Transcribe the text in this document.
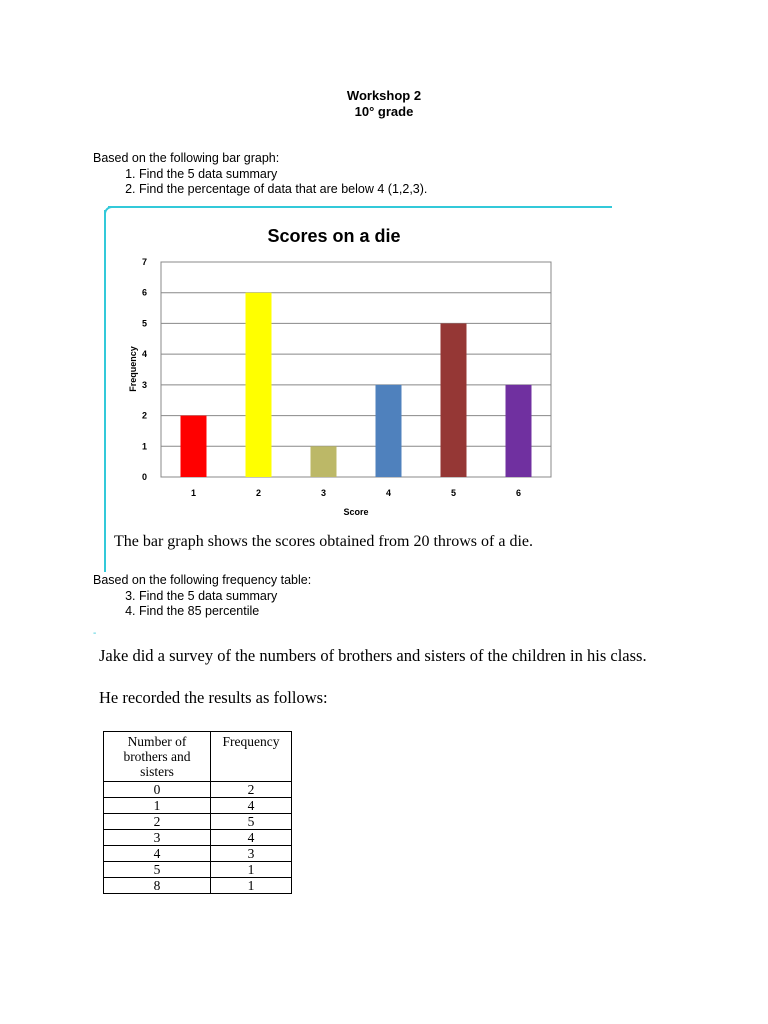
Workshop 2
10° grade
Based on the following bar graph:
1. Find the 5 data summary
2. Find the percentage of data that are below 4 (1,2,3).
Scores on a die
0
1
2
3
4
5
6
7
1	2	3	4	5	6
Frequency
Score
The bar graph shows the scores obtained from 20 throws of a die.
Based on the following frequency table:
3. Find the 5 data summary
4. Find the 85 percentile
-
Jake did a survey of the numbers of brothers and sisters of the children in his class.
He recorded the results as follows:
Number of brothers and sisters	Frequency
0	2
1	4
2	5
3	4
4	3
5	1
8	1
